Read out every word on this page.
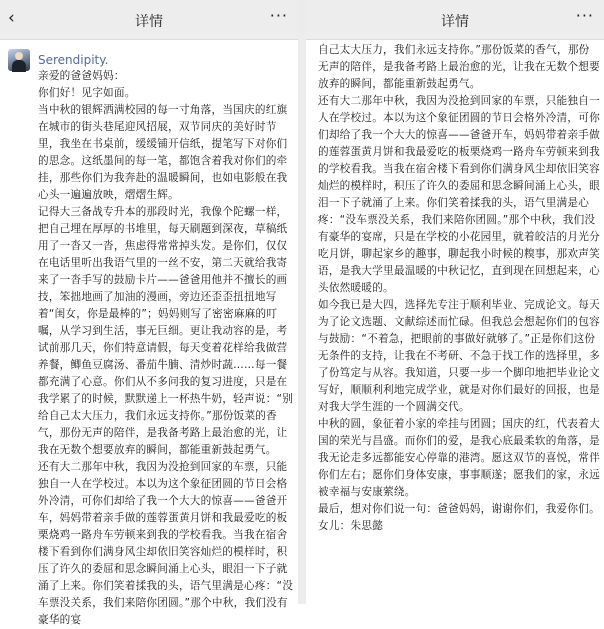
‹	详情	···
Serendipity.

亲爱的爸爸妈妈：

你们好！见字如面。

当中秋的银辉洒满校园的每一寸角落，当国庆的红旗在城市的街头巷尾迎风招展，双节同庆的美好时节里，我坐在书桌前，缓缓铺开信纸，提笔写下对你们的思念。这纸墨间的每一笔，都饱含着我对你们的牵挂，那些你们为我奔赴的温暖瞬间，也如电影般在我心头一遍遍放映，熠熠生辉。

记得大三备战专升本的那段时光，我像个陀螺一样，把自己埋在厚厚的书堆里，每天刷题到深夜，草稿纸用了一沓又一沓，焦虑得常常掉头发。是你们，仅仅在电话里听出我语气里的一丝不安，第二天就给我寄来了一沓手写的鼓励卡片——爸爸用他并不擅长的画技，笨拙地画了加油的漫画，旁边还歪歪扭扭地写着“闺女，你是最棒的”；妈妈则写了密密麻麻的叮嘱，从学习到生活，事无巨细。更让我动容的是，考试前那几天，你们特意请假，每天变着花样给我做营养餐，鲫鱼豆腐汤、番茄牛腩、清炒时蔬……每一餐都充满了心意。你们从不多问我的复习进度，只是在我学累了的时候，默默递上一杯热牛奶，轻声说：“别给自己太大压力，我们永远支持你。”那份饭菜的香气，那份无声的陪伴，是我备考路上最治愈的光，让我在无数个想要放弃的瞬间，都能重新鼓起勇气。

还有大二那年中秋，我因为没抢到回家的车票，只能独自一人在学校过。本以为这个象征团圆的节日会格外冷清，可你们却给了我一个大大的惊喜——爸爸开车，妈妈带着亲手做的莲蓉蛋黄月饼和我最爱吃的板栗烧鸡一路舟车劳顿来到我的学校看我。当我在宿舍楼下看到你们满身风尘却依旧笑容灿烂的模样时，积压了许久的委屈和思念瞬间涌上心头，眼泪一下子就涌了上来。你们笑着揉我的头，语气里满是心疼：“没车票没关系，我们来陪你团圆。”那个中秋，我们没有豪华的宴

详情	···

自己太大压力，我们永远支持你。”那份饭菜的香气，那份无声的陪伴，是我备考路上最治愈的光，让我在无数个想要放弃的瞬间，都能重新鼓起勇气。

还有大二那年中秋，我因为没抢到回家的车票，只能独自一人在学校过。本以为这个象征团圆的节日会格外冷清，可你们却给了我一个大大的惊喜——爸爸开车，妈妈带着亲手做的莲蓉蛋黄月饼和我最爱吃的板栗烧鸡一路舟车劳顿来到我的学校看我。当我在宿舍楼下看到你们满身风尘却依旧笑容灿烂的模样时，积压了许久的委屈和思念瞬间涌上心头，眼泪一下子就涌了上来。你们笑着揉我的头，语气里满是心疼：“没车票没关系，我们来陪你团圆。”那个中秋，我们没有豪华的宴席，只是在学校的小花园里，就着皎洁的月光分吃月饼，聊起家乡的趣事，聊起我小时候的糗事，那欢声笑语，是我大学里最温暖的中秋记忆，直到现在回想起来，心头依然暖暖的。

如今我已是大四，选择先专注于顺利毕业、完成论文。每天为了论文选题、文献综述而忙碌。但我总会想起你们的包容与鼓励：“不着急，把眼前的事做好就够了。”正是你们这份无条件的支持，让我在不考研、不急于找工作的选择里，多了份笃定与从容。我知道，只要一步一个脚印地把毕业论文写好，顺顺利利地完成学业，就是对你们最好的回报，也是对我大学生涯的一个圆满交代。

中秋的圆，象征着小家的牵挂与团圆；国庆的红，代表着大国的荣光与昌盛。而你们的爱，是我心底最柔软的角落，是我无论走多远都能安心停靠的港湾。愿这双节的喜悦，常伴你们左右；愿你们身体安康，事事顺遂；愿我们的家，永远被幸福与安康萦绕。

最后，想对你们说一句：爸爸妈妈，谢谢你们，我爱你们。

女儿：朱思懿
